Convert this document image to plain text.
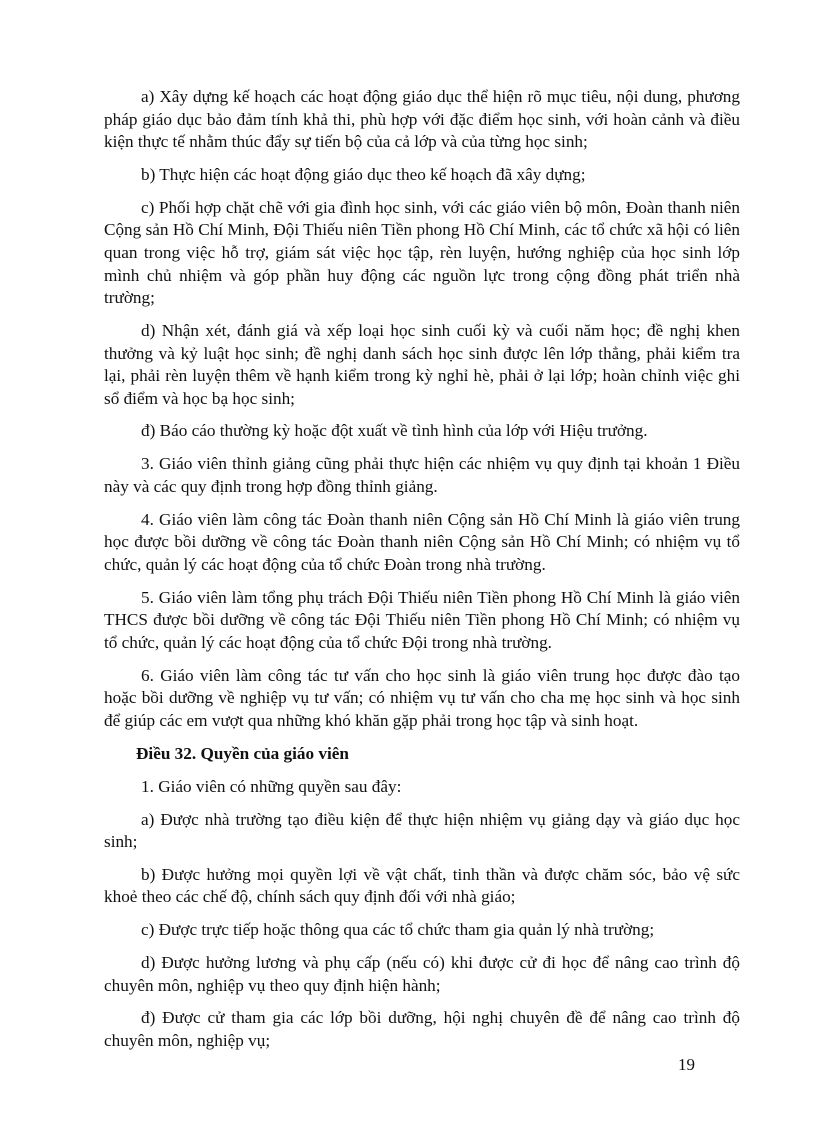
a) Xây dựng kế hoạch các hoạt động giáo dục thể hiện rõ mục tiêu, nội dung, phương pháp giáo dục bảo đảm tính khả thi, phù hợp với đặc điểm học sinh, với hoàn cảnh và điều kiện thực tế nhằm thúc đẩy sự tiến bộ của cả lớp và của từng học sinh;

b) Thực hiện các hoạt động giáo dục theo kế hoạch đã xây dựng;

c) Phối hợp chặt chẽ với gia đình học sinh, với các giáo viên bộ môn, Đoàn thanh niên Cộng sản Hồ Chí Minh, Đội Thiếu niên Tiền phong Hồ Chí Minh, các tổ chức xã hội có liên quan trong việc hỗ trợ, giám sát việc học tập, rèn luyện, hướng nghiệp của học sinh lớp mình chủ nhiệm và góp phần huy động các nguồn lực trong cộng đồng phát triển nhà trường;

d) Nhận xét, đánh giá và xếp loại học sinh cuối kỳ và cuối năm học; đề nghị khen thưởng và kỷ luật học sinh; đề nghị danh sách học sinh được lên lớp thẳng, phải kiểm tra lại, phải rèn luyện thêm về hạnh kiểm trong kỳ nghỉ hè, phải ở lại lớp; hoàn chỉnh việc ghi sổ điểm và học bạ học sinh;

đ) Báo cáo thường kỳ hoặc đột xuất về tình hình của lớp với Hiệu trưởng.

3. Giáo viên thỉnh giảng cũng phải thực hiện các nhiệm vụ quy định tại khoản 1 Điều này và các quy định trong hợp đồng thỉnh giảng.

4. Giáo viên làm công tác Đoàn thanh niên Cộng sản Hồ Chí Minh là giáo viên trung học được bồi dưỡng về công tác Đoàn thanh niên Cộng sản Hồ Chí Minh; có nhiệm vụ tổ chức, quản lý các hoạt động của tổ chức Đoàn trong nhà trường.

5. Giáo viên làm tổng phụ trách Đội Thiếu niên Tiền phong Hồ Chí Minh là giáo viên THCS được bồi dưỡng về công tác Đội Thiếu niên Tiền phong Hồ Chí Minh; có nhiệm vụ tổ chức, quản lý các hoạt động của tổ chức Đội trong nhà trường.

6. Giáo viên làm công tác tư vấn cho học sinh là giáo viên trung học được đào tạo hoặc bồi dưỡng về nghiệp vụ tư vấn; có nhiệm vụ tư vấn cho cha mẹ học sinh và học sinh để giúp các em vượt qua những khó khăn gặp phải trong học tập và sinh hoạt.

Điều 32. Quyền của giáo viên

1. Giáo viên có những quyền sau đây:

a) Được nhà trường tạo điều kiện để thực hiện nhiệm vụ giảng dạy và giáo dục học sinh;

b) Được hưởng mọi quyền lợi về vật chất, tinh thần và được chăm sóc, bảo vệ sức khoẻ theo các chế độ, chính sách quy định đối với nhà giáo;

c) Được trực tiếp hoặc thông qua các tổ chức tham gia quản lý nhà trường;

d) Được hưởng lương và phụ cấp (nếu có) khi được cử đi học để nâng cao trình độ chuyên môn, nghiệp vụ theo quy định hiện hành;

đ) Được cử tham gia các lớp bồi dưỡng, hội nghị chuyên đề để nâng cao trình độ chuyên môn, nghiệp vụ;

19
